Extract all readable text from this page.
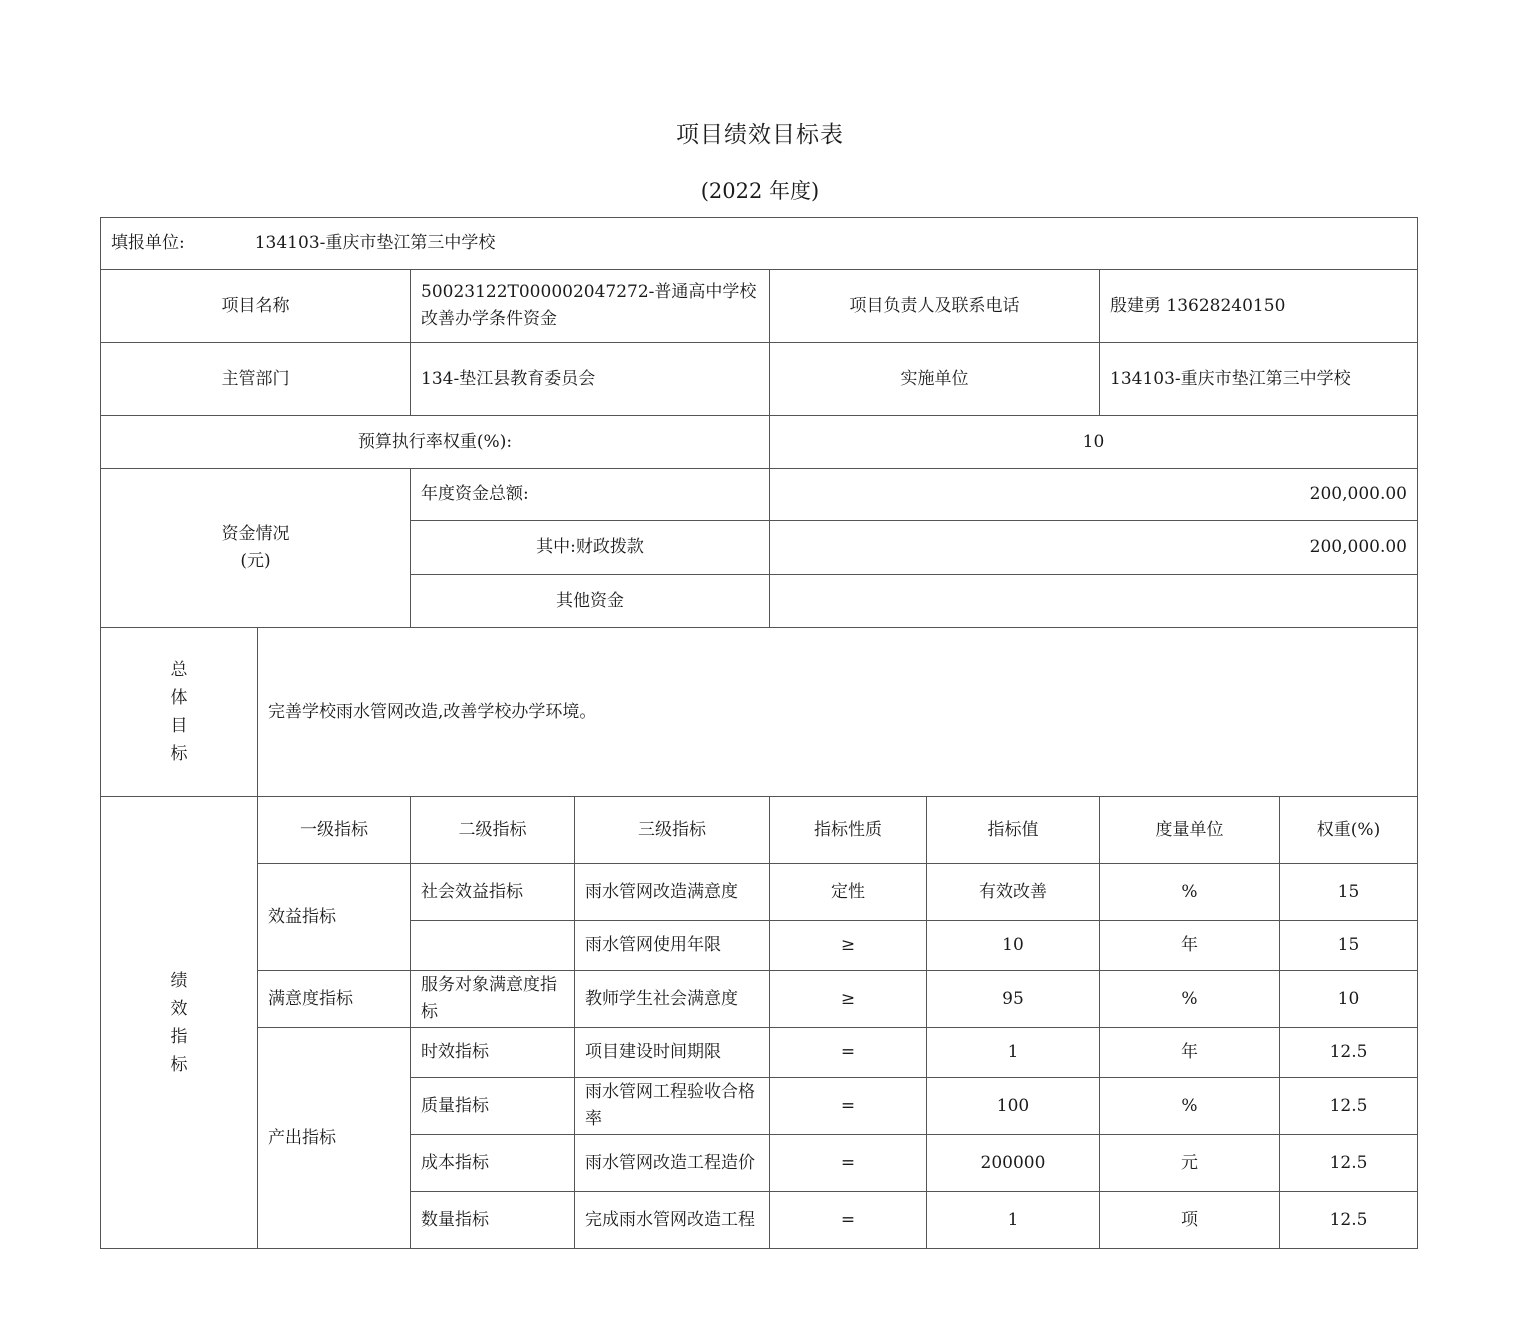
项目绩效目标表
(2022 年度)
填报单位: 134103-重庆市垫江第三中学校							
项目名称		50023122T000002047272-普通高中学校改善办学条件资金		项目负责人及联系电话		殷建勇 13628240150	
主管部门		134-垫江县教育委员会		实施单位		134103-重庆市垫江第三中学校	
预算执行率权重(%):				10			
资金情况
(元)		年度资金总额:		200,000.00			
		其中:财政拨款		200,000.00			
		其他资金					

总
体
目
标	完善学校雨水管网改造,改善学校办学环境。						

绩
效
指
标	一级指标	二级指标	三级指标	指标性质	指标值	度量单位	权重(%)
	效益指标	社会效益指标	雨水管网改造满意度	定性	有效改善	%	15
			雨水管网使用年限	≥	10	年	15
	满意度指标	服务对象满意度指标	教师学生社会满意度	≥	95	%	10
	产出指标	时效指标	项目建设时间期限	=	1	年	12.5
		质量指标	雨水管网工程验收合格率	=	100	%	12.5
		成本指标	雨水管网改造工程造价	=	200000	元	12.5
		数量指标	完成雨水管网改造工程	=	1	项	12.5
